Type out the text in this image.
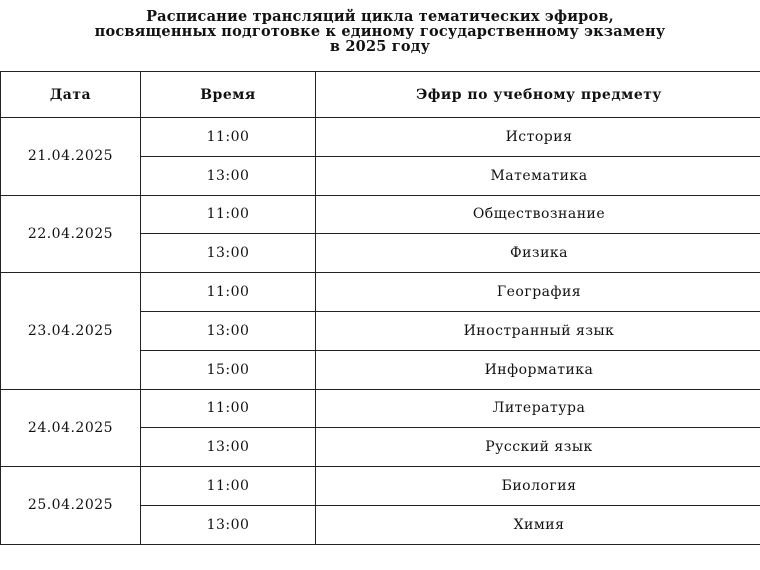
Расписание трансляций цикла тематических эфиров,
посвященных подготовке к единому государственному экзамену
в 2025 году
Дата	Время	Эфир по учебному предмету
21.04.2025	11:00	История
	13:00	Математика
22.04.2025	11:00	Обществознание
	13:00	Физика
23.04.2025	11:00	География
	13:00	Иностранный язык
	15:00	Информатика
24.04.2025	11:00	Литература
	13:00	Русский язык
25.04.2025	11:00	Биология
	13:00	Химия
